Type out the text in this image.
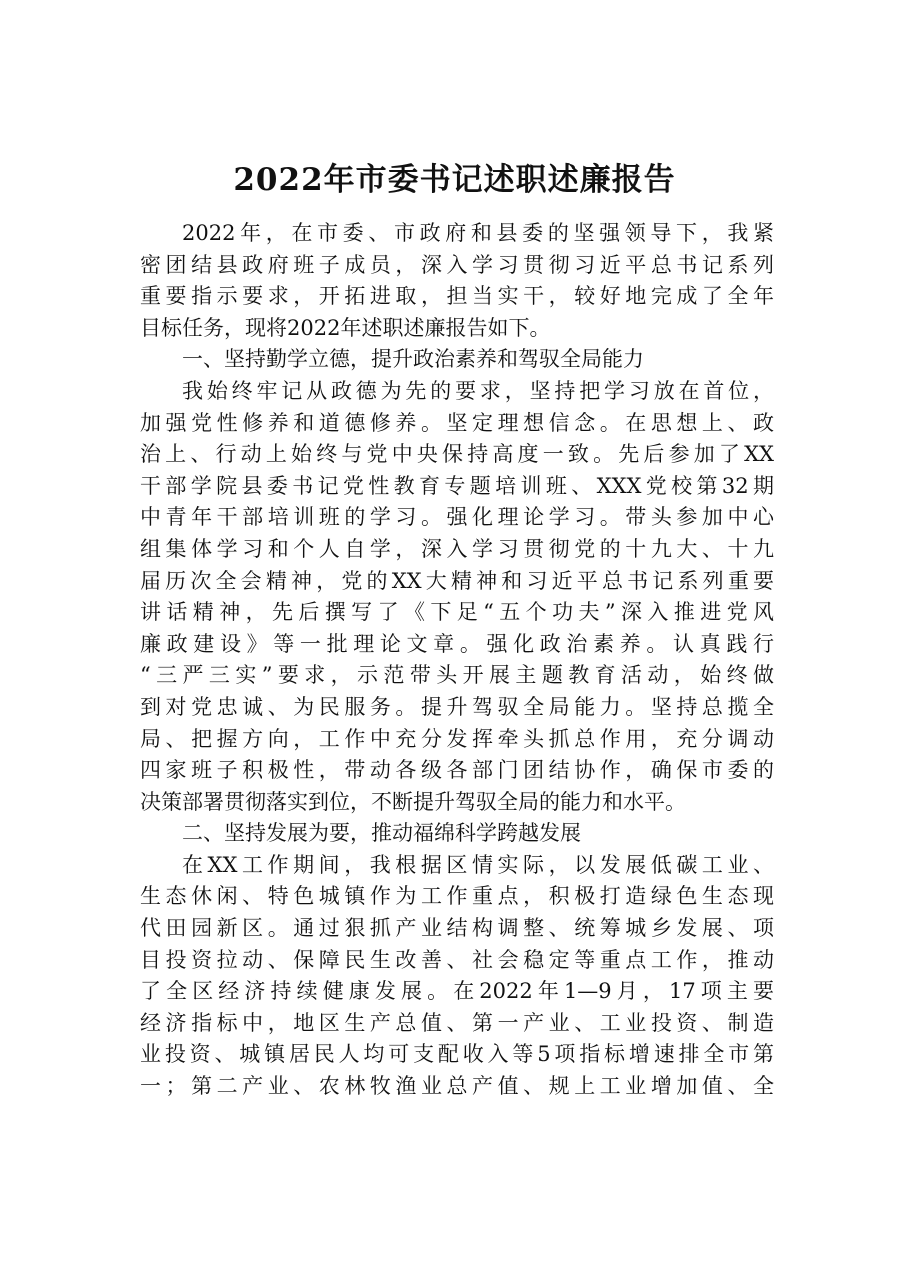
2022年市委书记述职述廉报告

2022年，在市委、市政府和县委的坚强领导下，我紧

密团结县政府班子成员，深入学习贯彻习近平总书记系列

重要指示要求，开拓进取，担当实干，较好地完成了全年

目标任务，现将2022年述职述廉报告如下。

一、坚持勤学立德，提升政治素养和驾驭全局能力

我始终牢记从政德为先的要求，坚持把学习放在首位，

加强党性修养和道德修养。坚定理想信念。在思想上、政

治上、行动上始终与党中央保持高度一致。先后参加了XX

干部学院县委书记党性教育专题培训班、XXX党校第32期

中青年干部培训班的学习。强化理论学习。带头参加中心

组集体学习和个人自学，深入学习贯彻党的十九大、十九

届历次全会精神，党的XX大精神和习近平总书记系列重要

讲话精神，先后撰写了《下足“五个功夫”深入推进党风

廉政建设》等一批理论文章。强化政治素养。认真践行

“三严三实”要求，示范带头开展主题教育活动，始终做

到对党忠诚、为民服务。提升驾驭全局能力。坚持总揽全

局、把握方向，工作中充分发挥牵头抓总作用，充分调动

四家班子积极性，带动各级各部门团结协作，确保市委的

决策部署贯彻落实到位，不断提升驾驭全局的能力和水平。

二、坚持发展为要，推动福绵科学跨越发展

在XX工作期间，我根据区情实际，以发展低碳工业、

生态休闲、特色城镇作为工作重点，积极打造绿色生态现

代田园新区。通过狠抓产业结构调整、统筹城乡发展、项

目投资拉动、保障民生改善、社会稳定等重点工作，推动

了全区经济持续健康发展。在2022年1—9月，17项主要

经济指标中，地区生产总值、第一产业、工业投资、制造

业投资、城镇居民人均可支配收入等5项指标增速排全市第

一；第二产业、农林牧渔业总产值、规上工业增加值、全
